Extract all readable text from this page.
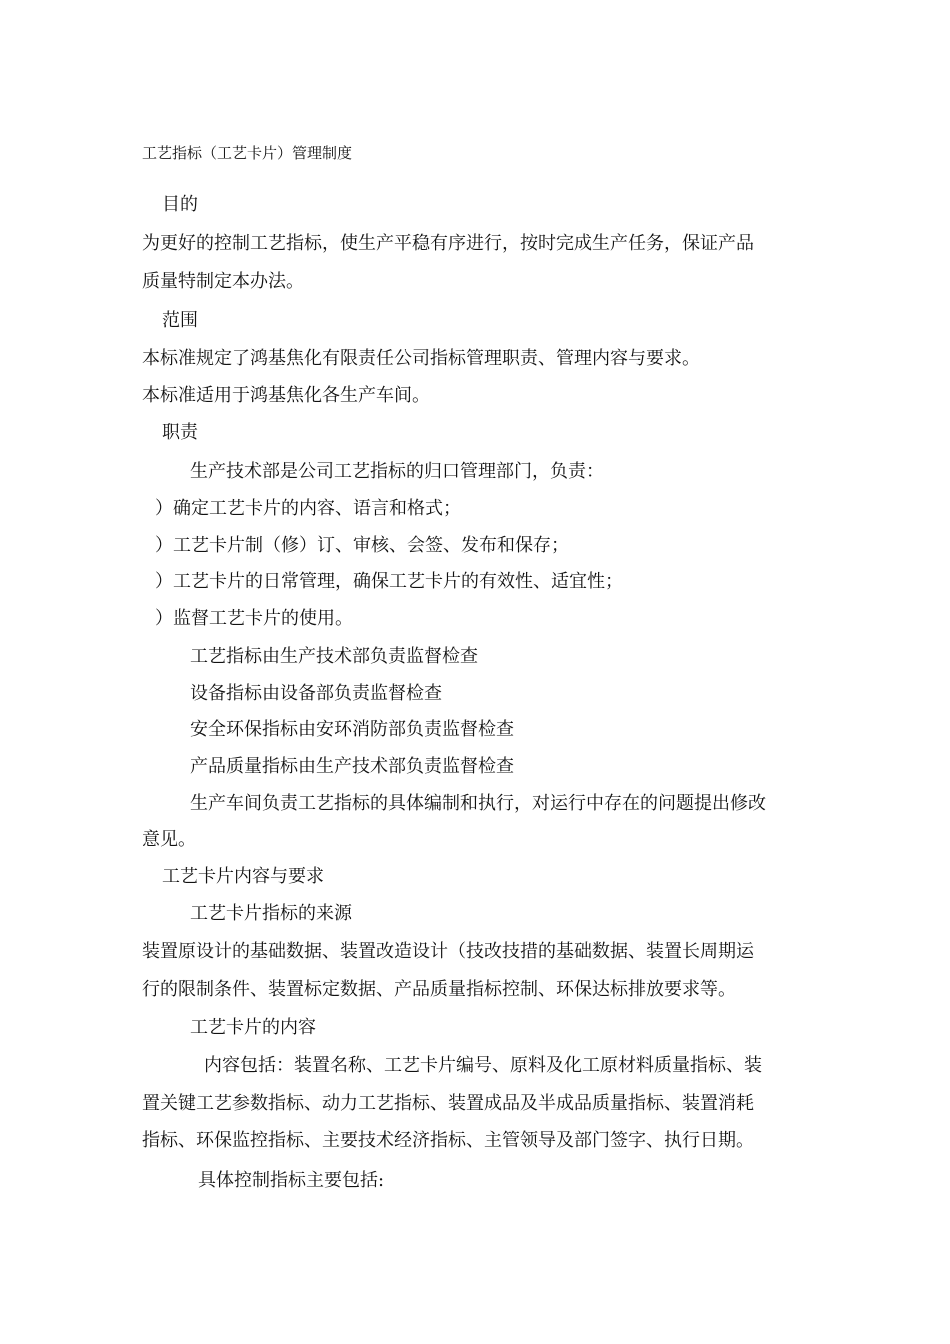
工艺指标（工艺卡片）管理制度
目的
为更好的控制工艺指标，使生产平稳有序进行，按时完成生产任务，保证产品
质量特制定本办法。
范围
本标准规定了鸿基焦化有限责任公司指标管理职责、管理内容与要求。
本标准适用于鸿基焦化各生产车间。
职责
生产技术部是公司工艺指标的归口管理部门，负责：
）确定工艺卡片的内容、语言和格式；
）工艺卡片制（修）订、审核、会签、发布和保存；
）工艺卡片的日常管理，确保工艺卡片的有效性、适宜性；
）监督工艺卡片的使用。
工艺指标由生产技术部负责监督检查
设备指标由设备部负责监督检查
安全环保指标由安环消防部负责监督检查
产品质量指标由生产技术部负责监督检查
生产车间负责工艺指标的具体编制和执行，对运行中存在的问题提出修改
意见。
工艺卡片内容与要求
工艺卡片指标的来源
装置原设计的基础数据、装置改造设计（技改技措的基础数据、装置长周期运
行的限制条件、装置标定数据、产品质量指标控制、环保达标排放要求等。
工艺卡片的内容
内容包括：装置名称、工艺卡片编号、原料及化工原材料质量指标、装
置关键工艺参数指标、动力工艺指标、装置成品及半成品质量指标、装置消耗
指标、环保监控指标、主要技术经济指标、主管领导及部门签字、执行日期。
具体控制指标主要包括:
